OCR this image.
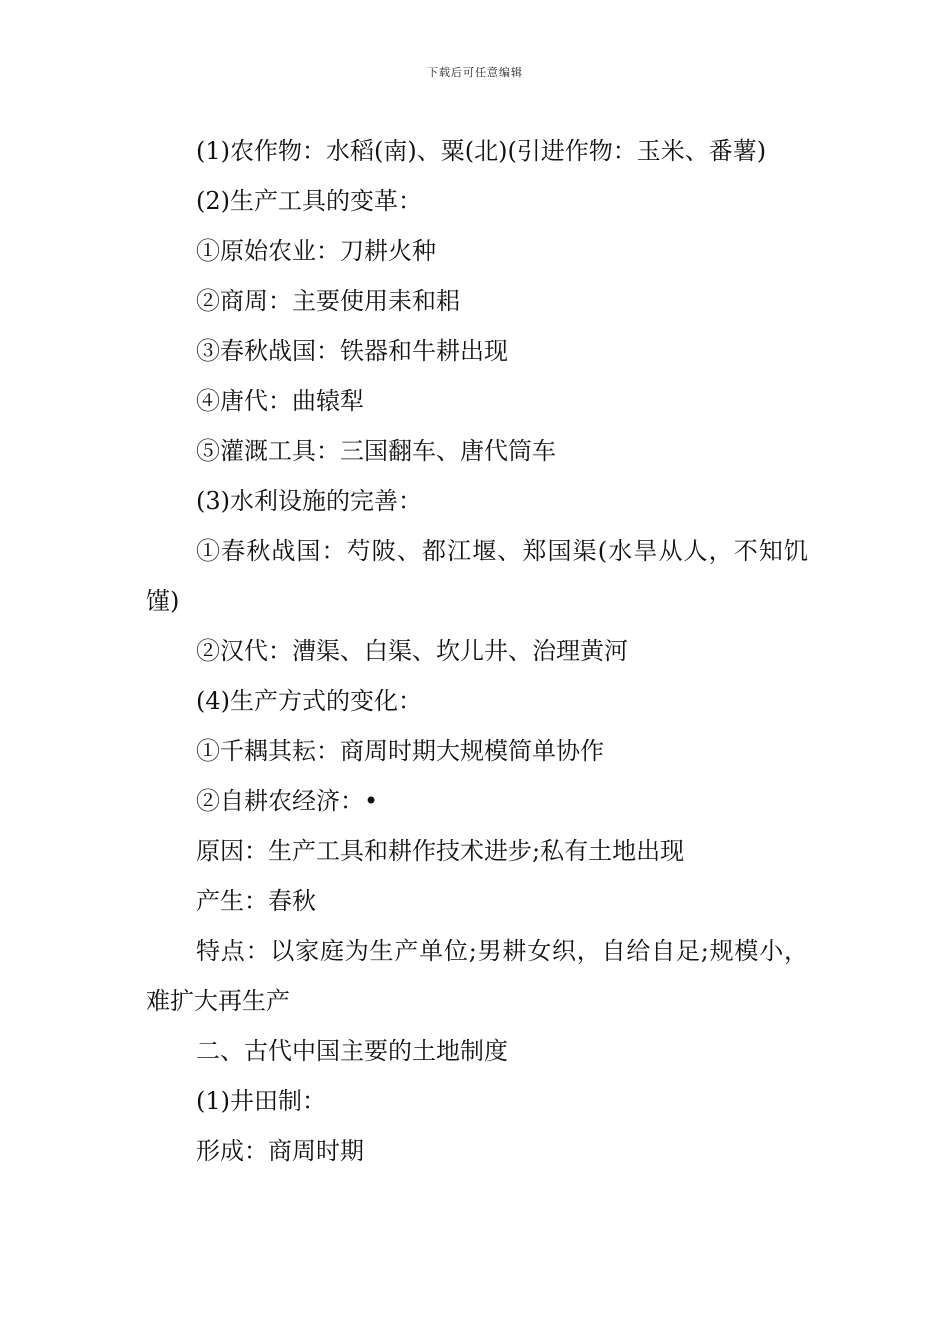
下载后可任意编辑

(1)农作物：水稻(南)、粟(北)(引进作物：玉米、番薯)

(2)生产工具的变革：

①原始农业：刀耕火种

②商周：主要使用耒和耜

③春秋战国：铁器和牛耕出现

④唐代：曲辕犁

⑤灌溉工具：三国翻车、唐代筒车

(3)水利设施的完善：

①春秋战国：芍陂、都江堰、郑国渠(水旱从人，不知饥馑)

②汉代：漕渠、白渠、坎儿井、治理黄河

(4)生产方式的变化：

①千耦其耘：商周时期大规模简单协作

②自耕农经济：•

原因：生产工具和耕作技术进步;私有土地出现

产生：春秋

特点：以家庭为生产单位;男耕女织，自给自足;规模小，难扩大再生产

二、古代中国主要的土地制度

(1)井田制：

形成：商周时期
